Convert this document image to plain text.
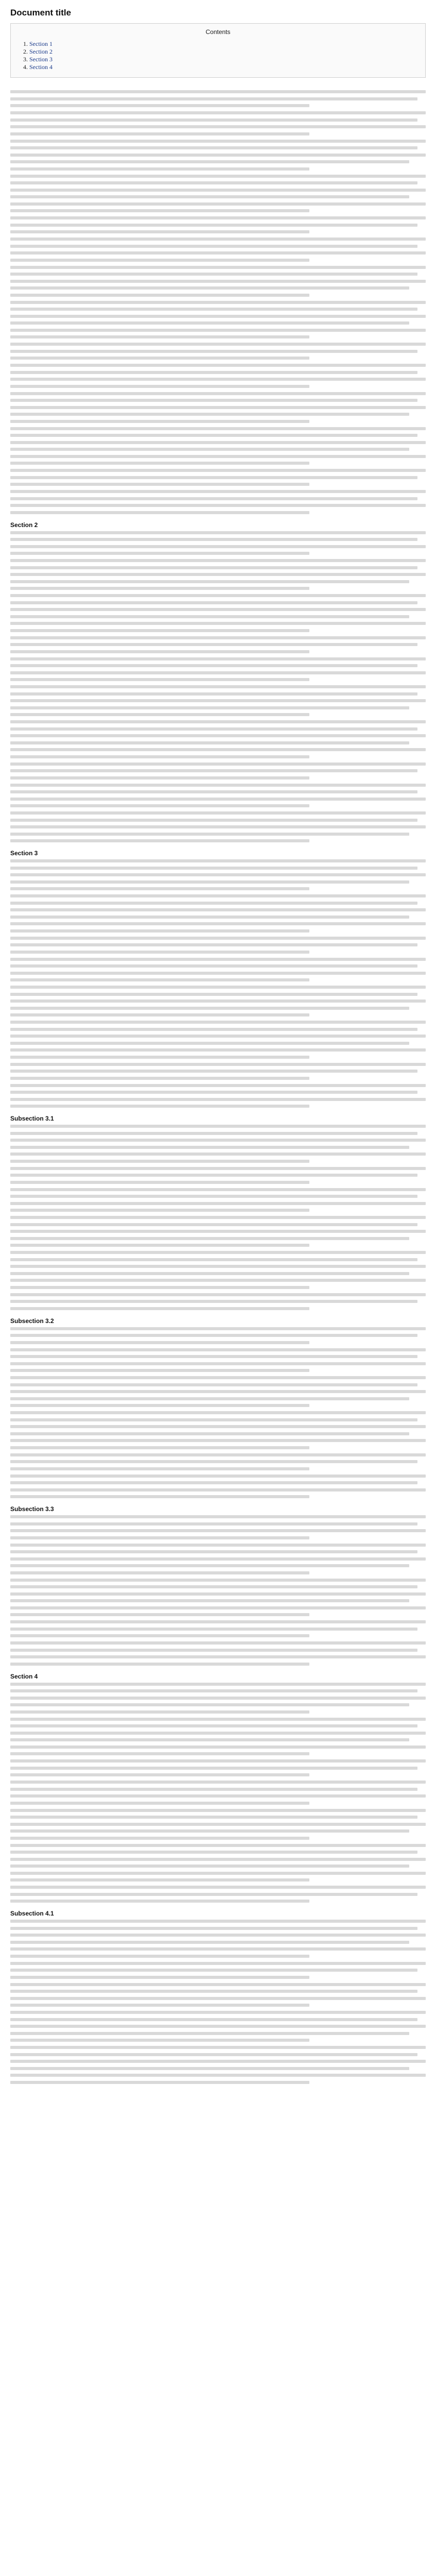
Document title
Contents
1. Section 1
2. Section 2
3. Section 3
4. Section 4
Section 2
Section 3
Subsection 3.1
Subsection 3.2
Subsection 3.3
Section 4
Subsection 4.1
